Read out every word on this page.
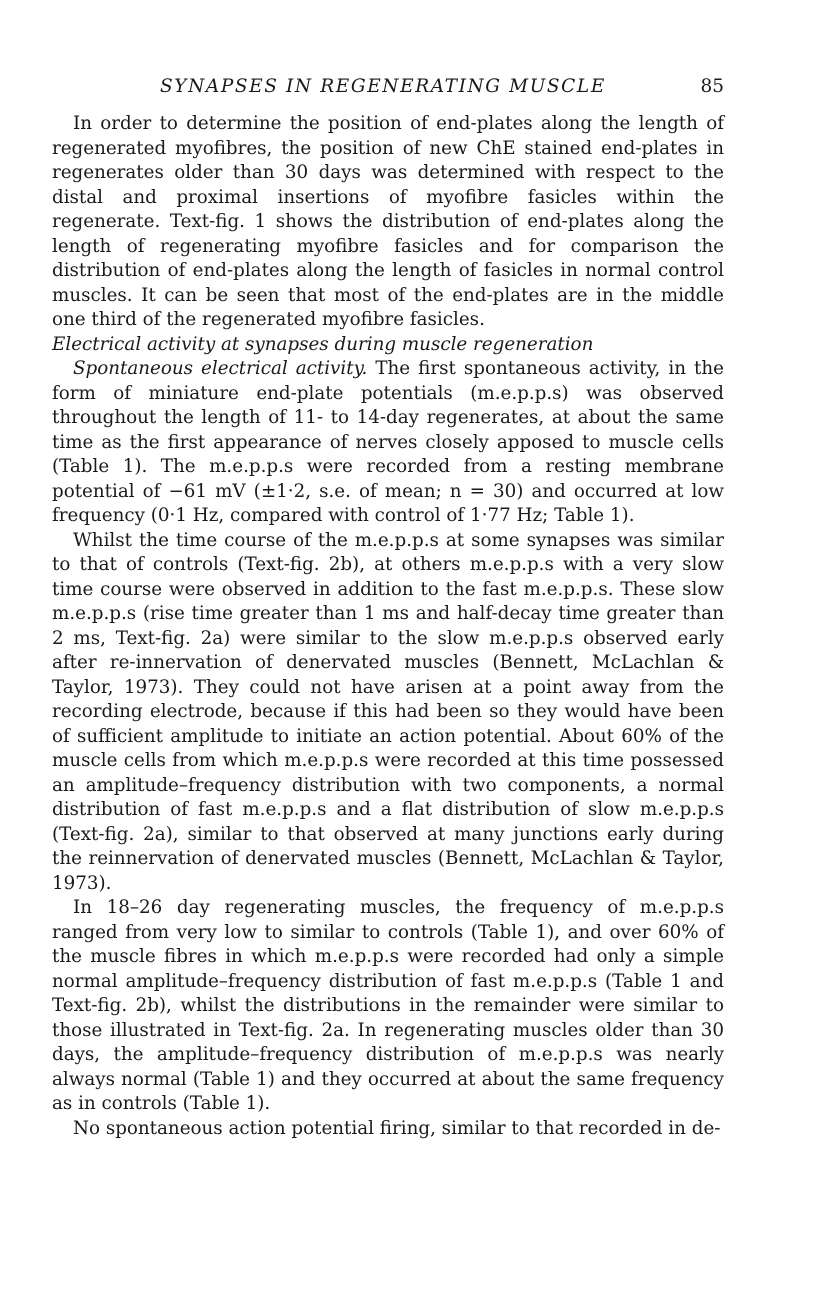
SYNAPSES IN REGENERATING MUSCLE	85

In order to determine the position of end-plates along the length of regenerated myofibres, the position of new ChE stained end-plates in regenerates older than 30 days was determined with respect to the distal and proximal insertions of myofibre fasicles within the regenerate. Text-fig. 1 shows the distribution of end-plates along the length of regenerating myofibre fasicles and for comparison the distribution of end-plates along the length of fasicles in normal control muscles. It can be seen that most of the end-plates are in the middle one third of the regenerated myofibre fasicles.

Electrical activity at synapses during muscle regeneration

Spontaneous electrical activity. The first spontaneous activity, in the form of miniature end-plate potentials (m.e.p.p.s) was observed throughout the length of 11- to 14-day regenerates, at about the same time as the first appearance of nerves closely apposed to muscle cells (Table 1). The m.e.p.p.s were recorded from a resting membrane potential of −61 mV (±1·2, s.e. of mean; n = 30) and occurred at low frequency (0·1 Hz, compared with control of 1·77 Hz; Table 1).

Whilst the time course of the m.e.p.p.s at some synapses was similar to that of controls (Text-fig. 2b), at others m.e.p.p.s with a very slow time course were observed in addition to the fast m.e.p.p.s. These slow m.e.p.p.s (rise time greater than 1 ms and half-decay time greater than 2 ms, Text-fig. 2a) were similar to the slow m.e.p.p.s observed early after re-innervation of denervated muscles (Bennett, McLachlan & Taylor, 1973). They could not have arisen at a point away from the recording electrode, because if this had been so they would have been of sufficient amplitude to initiate an action potential. About 60% of the muscle cells from which m.e.p.p.s were recorded at this time possessed an amplitude–frequency distribution with two components, a normal distribution of fast m.e.p.p.s and a flat distribution of slow m.e.p.p.s (Text-fig. 2a), similar to that observed at many junctions early during the reinnervation of denervated muscles (Bennett, McLachlan & Taylor, 1973).

In 18–26 day regenerating muscles, the frequency of m.e.p.p.s ranged from very low to similar to controls (Table 1), and over 60% of the muscle fibres in which m.e.p.p.s were recorded had only a simple normal amplitude–frequency distribution of fast m.e.p.p.s (Table 1 and Text-fig. 2b), whilst the distributions in the remainder were similar to those illustrated in Text-fig. 2a. In regenerating muscles older than 30 days, the amplitude–frequency distribution of m.e.p.p.s was nearly always normal (Table 1) and they occurred at about the same frequency as in controls (Table 1).

No spontaneous action potential firing, similar to that recorded in de-
